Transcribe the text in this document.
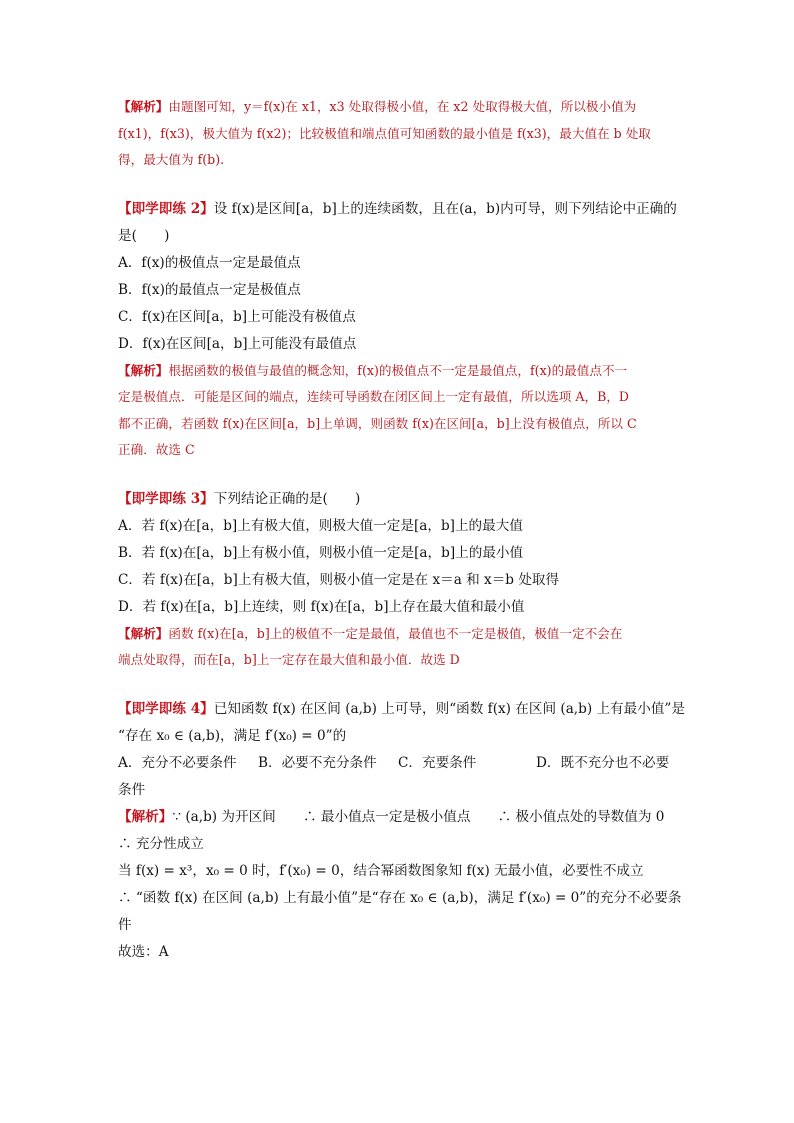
【解析】由题图可知，y＝f(x)在 x1，x3 处取得极小值，在 x2 处取得极大值，所以极小值为
f(x1)，f(x3)，极大值为 f(x2)；比较极值和端点值可知函数的最小值是 f(x3)，最大值在 b 处取
得，最大值为 f(b).
【即学即练 2】设 f(x)是区间[a，b]上的连续函数，且在(a，b)内可导，则下列结论中正确的
是(　　)
A．f(x)的极值点一定是最值点
B．f(x)的最值点一定是极值点
C．f(x)在区间[a，b]上可能没有极值点
D．f(x)在区间[a，b]上可能没有最值点
【解析】根据函数的极值与最值的概念知，f(x)的极值点不一定是最值点，f(x)的最值点不一
定是极值点．可能是区间的端点，连续可导函数在闭区间上一定有最值，所以选项 A，B，D
都不正确，若函数 f(x)在区间[a，b]上单调，则函数 f(x)在区间[a，b]上没有极值点，所以 C
正确．故选 C
【即学即练 3】下列结论正确的是(　　)
A．若 f(x)在[a，b]上有极大值，则极大值一定是[a，b]上的最大值
B．若 f(x)在[a，b]上有极小值，则极小值一定是[a，b]上的最小值
C．若 f(x)在[a，b]上有极大值，则极小值一定是在 x＝a 和 x＝b 处取得
D．若 f(x)在[a，b]上连续，则 f(x)在[a，b]上存在最大值和最小值
【解析】函数 f(x)在[a，b]上的极值不一定是最值，最值也不一定是极值，极值一定不会在
端点处取得，而在[a，b]上一定存在最大值和最小值．故选 D
【即学即练 4】已知函数 f(x) 在区间 (a,b) 上可导，则“函数 f(x) 在区间 (a,b) 上有最小值”是
“存在 x₀ ∈ (a,b)，满足 f′(x₀) = 0”的
A．充分不必要条件	B．必要不充分条件	C．充要条件	D．既不充分也不必要
条件
【解析】∵ (a,b) 为开区间　　∴ 最小值点一定是极小值点　　∴ 极小值点处的导数值为 0
∴ 充分性成立
当 f(x) = x³，x₀ = 0 时，f′(x₀) = 0，结合幂函数图象知 f(x) 无最小值，必要性不成立
∴ “函数 f(x) 在区间 (a,b) 上有最小值”是“存在 x₀ ∈ (a,b)，满足 f′(x₀) = 0”的充分不必要条
件
故选：A
